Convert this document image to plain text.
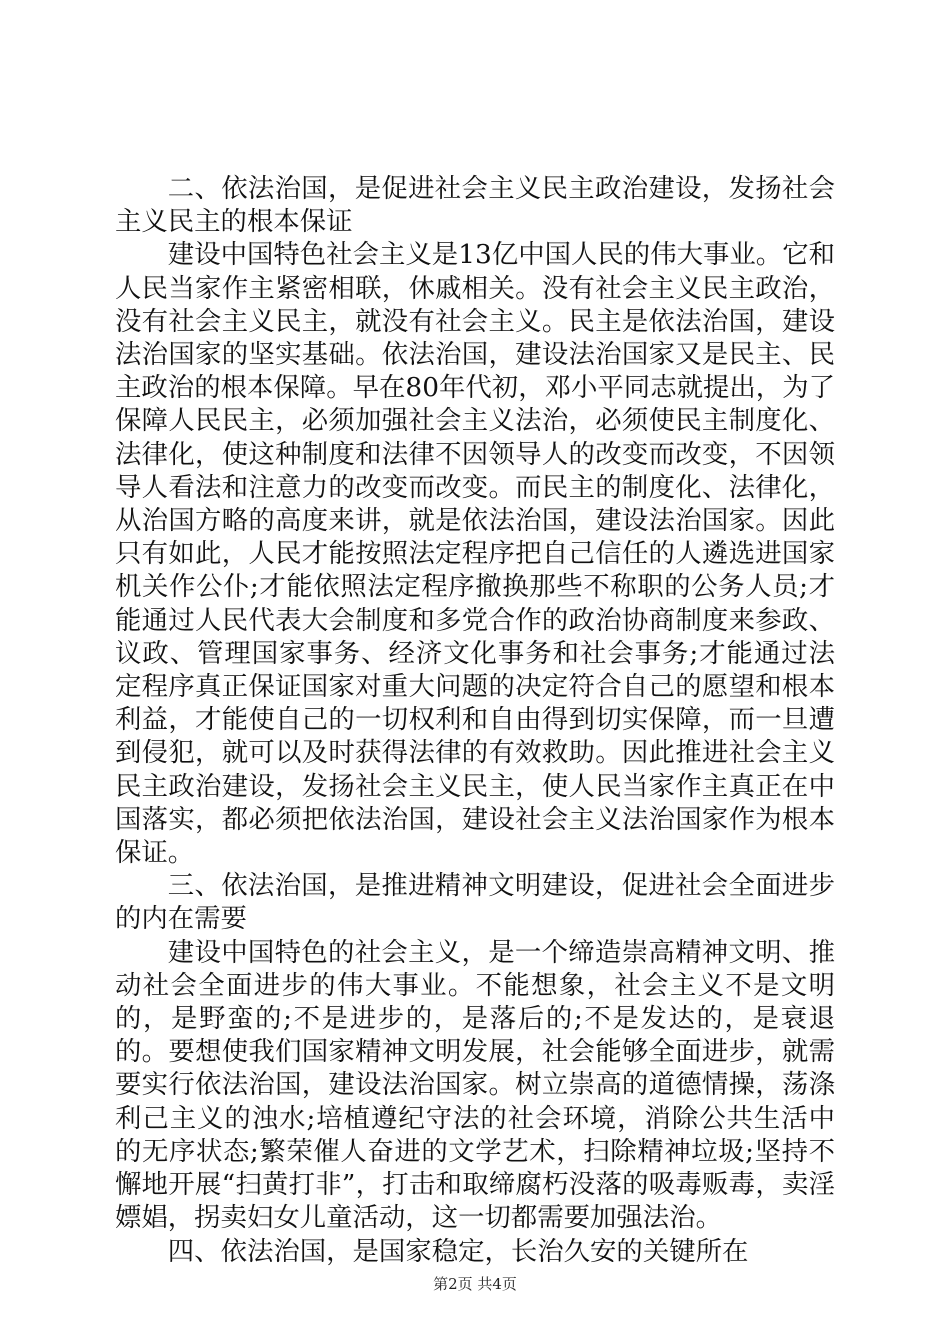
二、依法治国，是促进社会主义民主政治建设，发扬社会主义民主的根本保证

建设中国特色社会主义是13亿中国人民的伟大事业。它和人民当家作主紧密相联，休戚相关。没有社会主义民主政治，没有社会主义民主，就没有社会主义。民主是依法治国，建设法治国家的坚实基础。依法治国，建设法治国家又是民主、民主政治的根本保障。早在80年代初，邓小平同志就提出，为了保障人民民主，必须加强社会主义法治，必须使民主制度化、法律化，使这种制度和法律不因领导人的改变而改变，不因领导人看法和注意力的改变而改变。而民主的制度化、法律化，从治国方略的高度来讲，就是依法治国，建设法治国家。因此只有如此，人民才能按照法定程序把自己信任的人遴选进国家机关作公仆;才能依照法定程序撤换那些不称职的公务人员;才能通过人民代表大会制度和多党合作的政治协商制度来参政、议政、管理国家事务、经济文化事务和社会事务;才能通过法定程序真正保证国家对重大问题的决定符合自己的愿望和根本利益，才能使自己的一切权利和自由得到切实保障，而一旦遭到侵犯，就可以及时获得法律的有效救助。因此推进社会主义民主政治建设，发扬社会主义民主，使人民当家作主真正在中国落实，都必须把依法治国，建设社会主义法治国家作为根本保证。

三、依法治国，是推进精神文明建设，促进社会全面进步的内在需要

建设中国特色的社会主义，是一个缔造崇高精神文明、推动社会全面进步的伟大事业。不能想象，社会主义不是文明的，是野蛮的;不是进步的，是落后的;不是发达的，是衰退的。要想使我们国家精神文明发展，社会能够全面进步，就需要实行依法治国，建设法治国家。树立崇高的道德情操，荡涤利己主义的浊水;培植遵纪守法的社会环境，消除公共生活中的无序状态;繁荣催人奋进的文学艺术，扫除精神垃圾;坚持不懈地开展“扫黄打非”，打击和取缔腐朽没落的吸毒贩毒，卖淫嫖娼，拐卖妇女儿童活动，这一切都需要加强法治。

四、依法治国，是国家稳定，长治久安的关键所在

第2页 共4页
